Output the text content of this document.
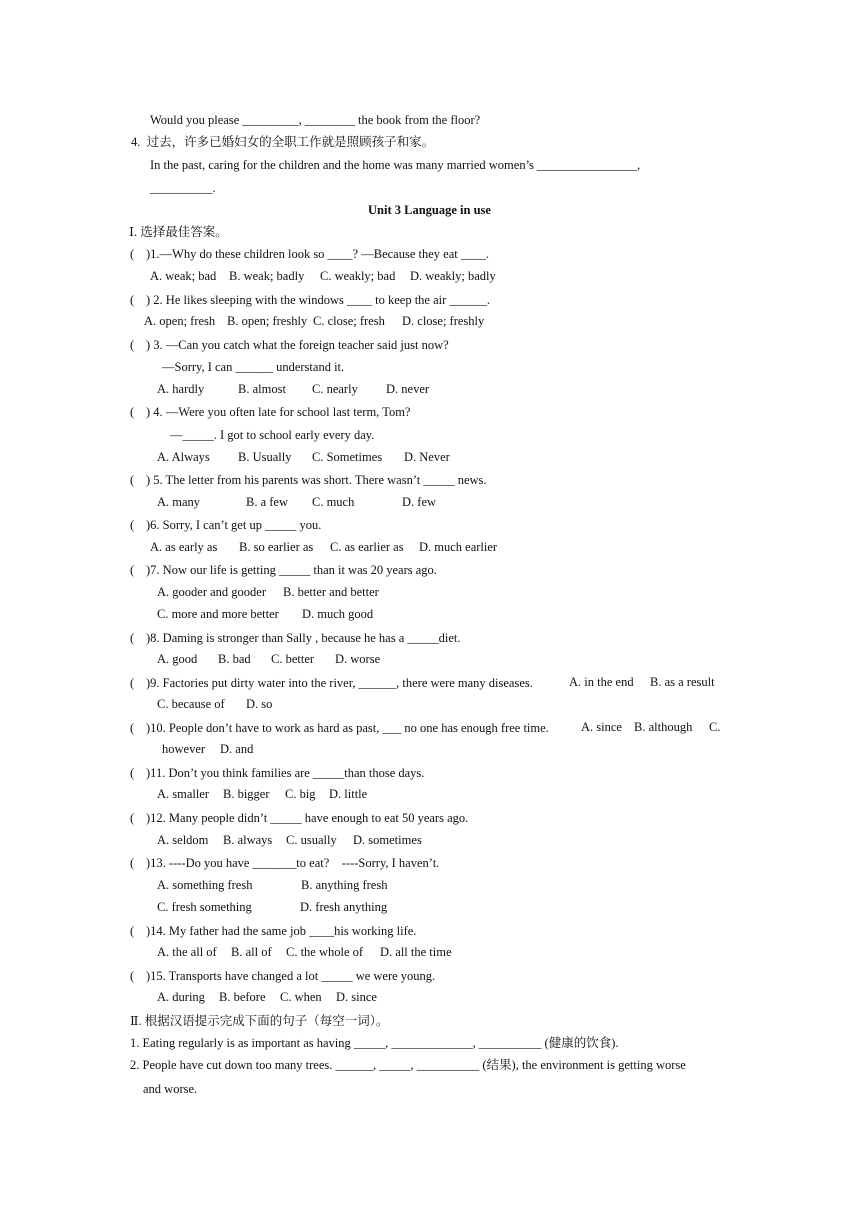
Would you please _________, ________ the book from the floor?
4.  过去，许多已婚妇女的全职工作就是照顾孩子和家。
In the past, caring for the children and the home was many married women’s ________________,
__________.
Unit 3 Language in use
Ⅰ. 选择最佳答案。
( )1.—Why do these children look so ____? —Because they eat ____.
A. weak; bad B. weak; badly C. weakly; bad D. weakly; badly
( ) 2. He likes sleeping with the windows ____ to keep the air ______.
A. open; fresh B. open; freshly C. close; fresh D. close; freshly
( ) 3. —Can you catch what the foreign teacher said just now?
—Sorry, I can ______ understand it.
A. hardly	B. almost C. nearly D. never
( ) 4. —Were you often late for school last term, Tom?
—_____. I got to school early every day.
A. Always B. Usually C. Sometimes D. Never
( ) 5. The letter from his parents was short. There wasn’t _____ news.
A. many	B. a few C. much	D. few
( )6. Sorry, I can’t get up _____ you.
A. as early as B. so earlier as C. as earlier as D. much earlier
( )7. Now our life is getting _____ than it was 20 years ago.
A. gooder and gooder B. better and better
C. more and more better D. much good
( )8. Daming is stronger than Sally , because he has a _____diet.
A. good B. bad C. better D. worse
( )9. Factories put dirty water into the river, ______, there were many diseases.	A. in the end B. as a result
C. because of D. so
( )10. People don’t have to work as hard as past, ___ no one has enough free time.	A. since B. although C.
however D. and
( )11. Don’t you think families are _____than those days.
A. smaller B. bigger C. big D. little
( )12. Many people didn’t _____ have enough to eat 50 years ago.
A. seldom B. always C. usually D. sometimes
( )13. ----Do you have _______to eat?    ----Sorry, I haven’t.
A. something fresh	B. anything fresh
C. fresh something	D. fresh anything
( )14. My father had the same job ____his working life.
A. the all of B. all of C. the whole of D. all the time
( )15. Transports have changed a lot _____ we were young.
A. during B. before C. when D. since
Ⅱ. 根据汉语提示完成下面的句子（每空一词）。
1. Eating regularly is as important as having _____, _____________, __________ (健康的饮食).
2. People have cut down too many trees. ______, _____, __________ (结果), the environment is getting worse
and worse.
